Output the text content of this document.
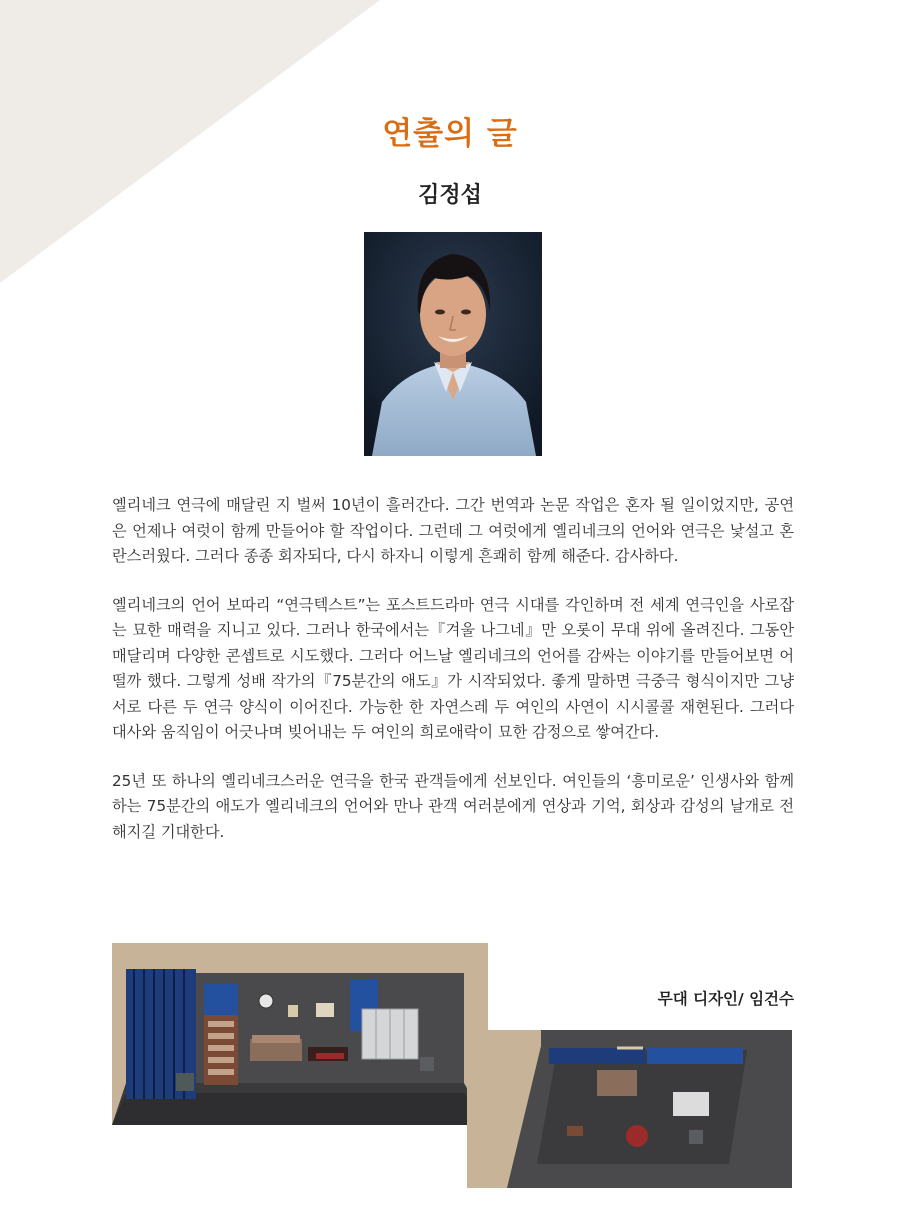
연출의 글
김정섭

옐리네크 연극에 매달린 지 벌써 10년이 흘러간다. 그간 번역과 논문 작업은 혼자 될 일이었지만, 공연은 언제나 여럿이 함께 만들어야 할 작업이다. 그런데 그 여럿에게 옐리네크의 언어와 연극은 낯설고 혼란스러웠다. 그러다 종종 회자되다, 다시 하자니 이렇게 흔쾌히 함께 해준다. 감사하다.

옐리네크의 언어 보따리 “연극텍스트”는 포스트드라마 연극 시대를 각인하며 전 세계 연극인을 사로잡는 묘한 매력을 지니고 있다. 그러나 한국에서는『겨울 나그네』만 오롯이 무대 위에 올려진다. 그동안 매달리며 다양한 콘셉트로 시도했다. 그러다 어느날 옐리네크의 언어를 감싸는 이야기를 만들어보면 어떨까 했다. 그렇게 성배 작가의『75분간의 애도』가 시작되었다. 좋게 말하면 극중극 형식이지만 그냥 서로 다른 두 연극 양식이 이어진다. 가능한 한 자연스레 두 여인의 사연이 시시콜콜 재현된다. 그러다 대사와 움직임이 어긋나며 빚어내는 두 여인의 희로애락이 묘한 감정으로 쌓여간다.

25년 또 하나의 옐리네크스러운 연극을 한국 관객들에게 선보인다. 여인들의 ‘흥미로운’ 인생사와 함께하는 75분간의 애도가 옐리네크의 언어와 만나 관객 여러분에게 연상과 기억, 회상과 감성의 날개로 전해지길 기대한다.

무대 디자인/ 임건수
